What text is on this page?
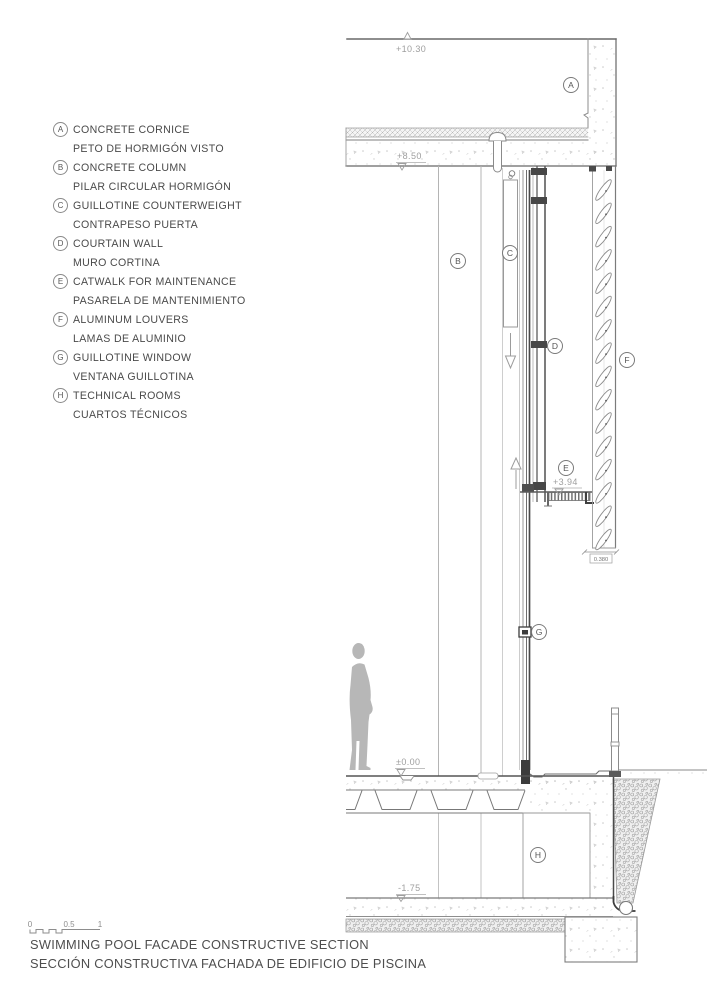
0.380
+10.30
+8.50
+3.94
±0.00
-1.75
A
B
C
D
E
F
G
H
0	0.5	1
A CONCRETE CORNICE
PETO DE HORMIGÓN VISTO
B CONCRETE COLUMN
PILAR CIRCULAR HORMIGÓN
C GUILLOTINE COUNTERWEIGHT
CONTRAPESO PUERTA
D COURTAIN WALL
MURO CORTINA
E CATWALK FOR MAINTENANCE
PASARELA DE MANTENIMIENTO
F ALUMINUM LOUVERS
LAMAS DE ALUMINIO
G GUILLOTINE WINDOW
VENTANA GUILLOTINA
H TECHNICAL ROOMS
CUARTOS TÉCNICOS
SWIMMING POOL FACADE CONSTRUCTIVE SECTION
SECCIÓN CONSTRUCTIVA FACHADA DE EDIFICIO DE PISCINA
